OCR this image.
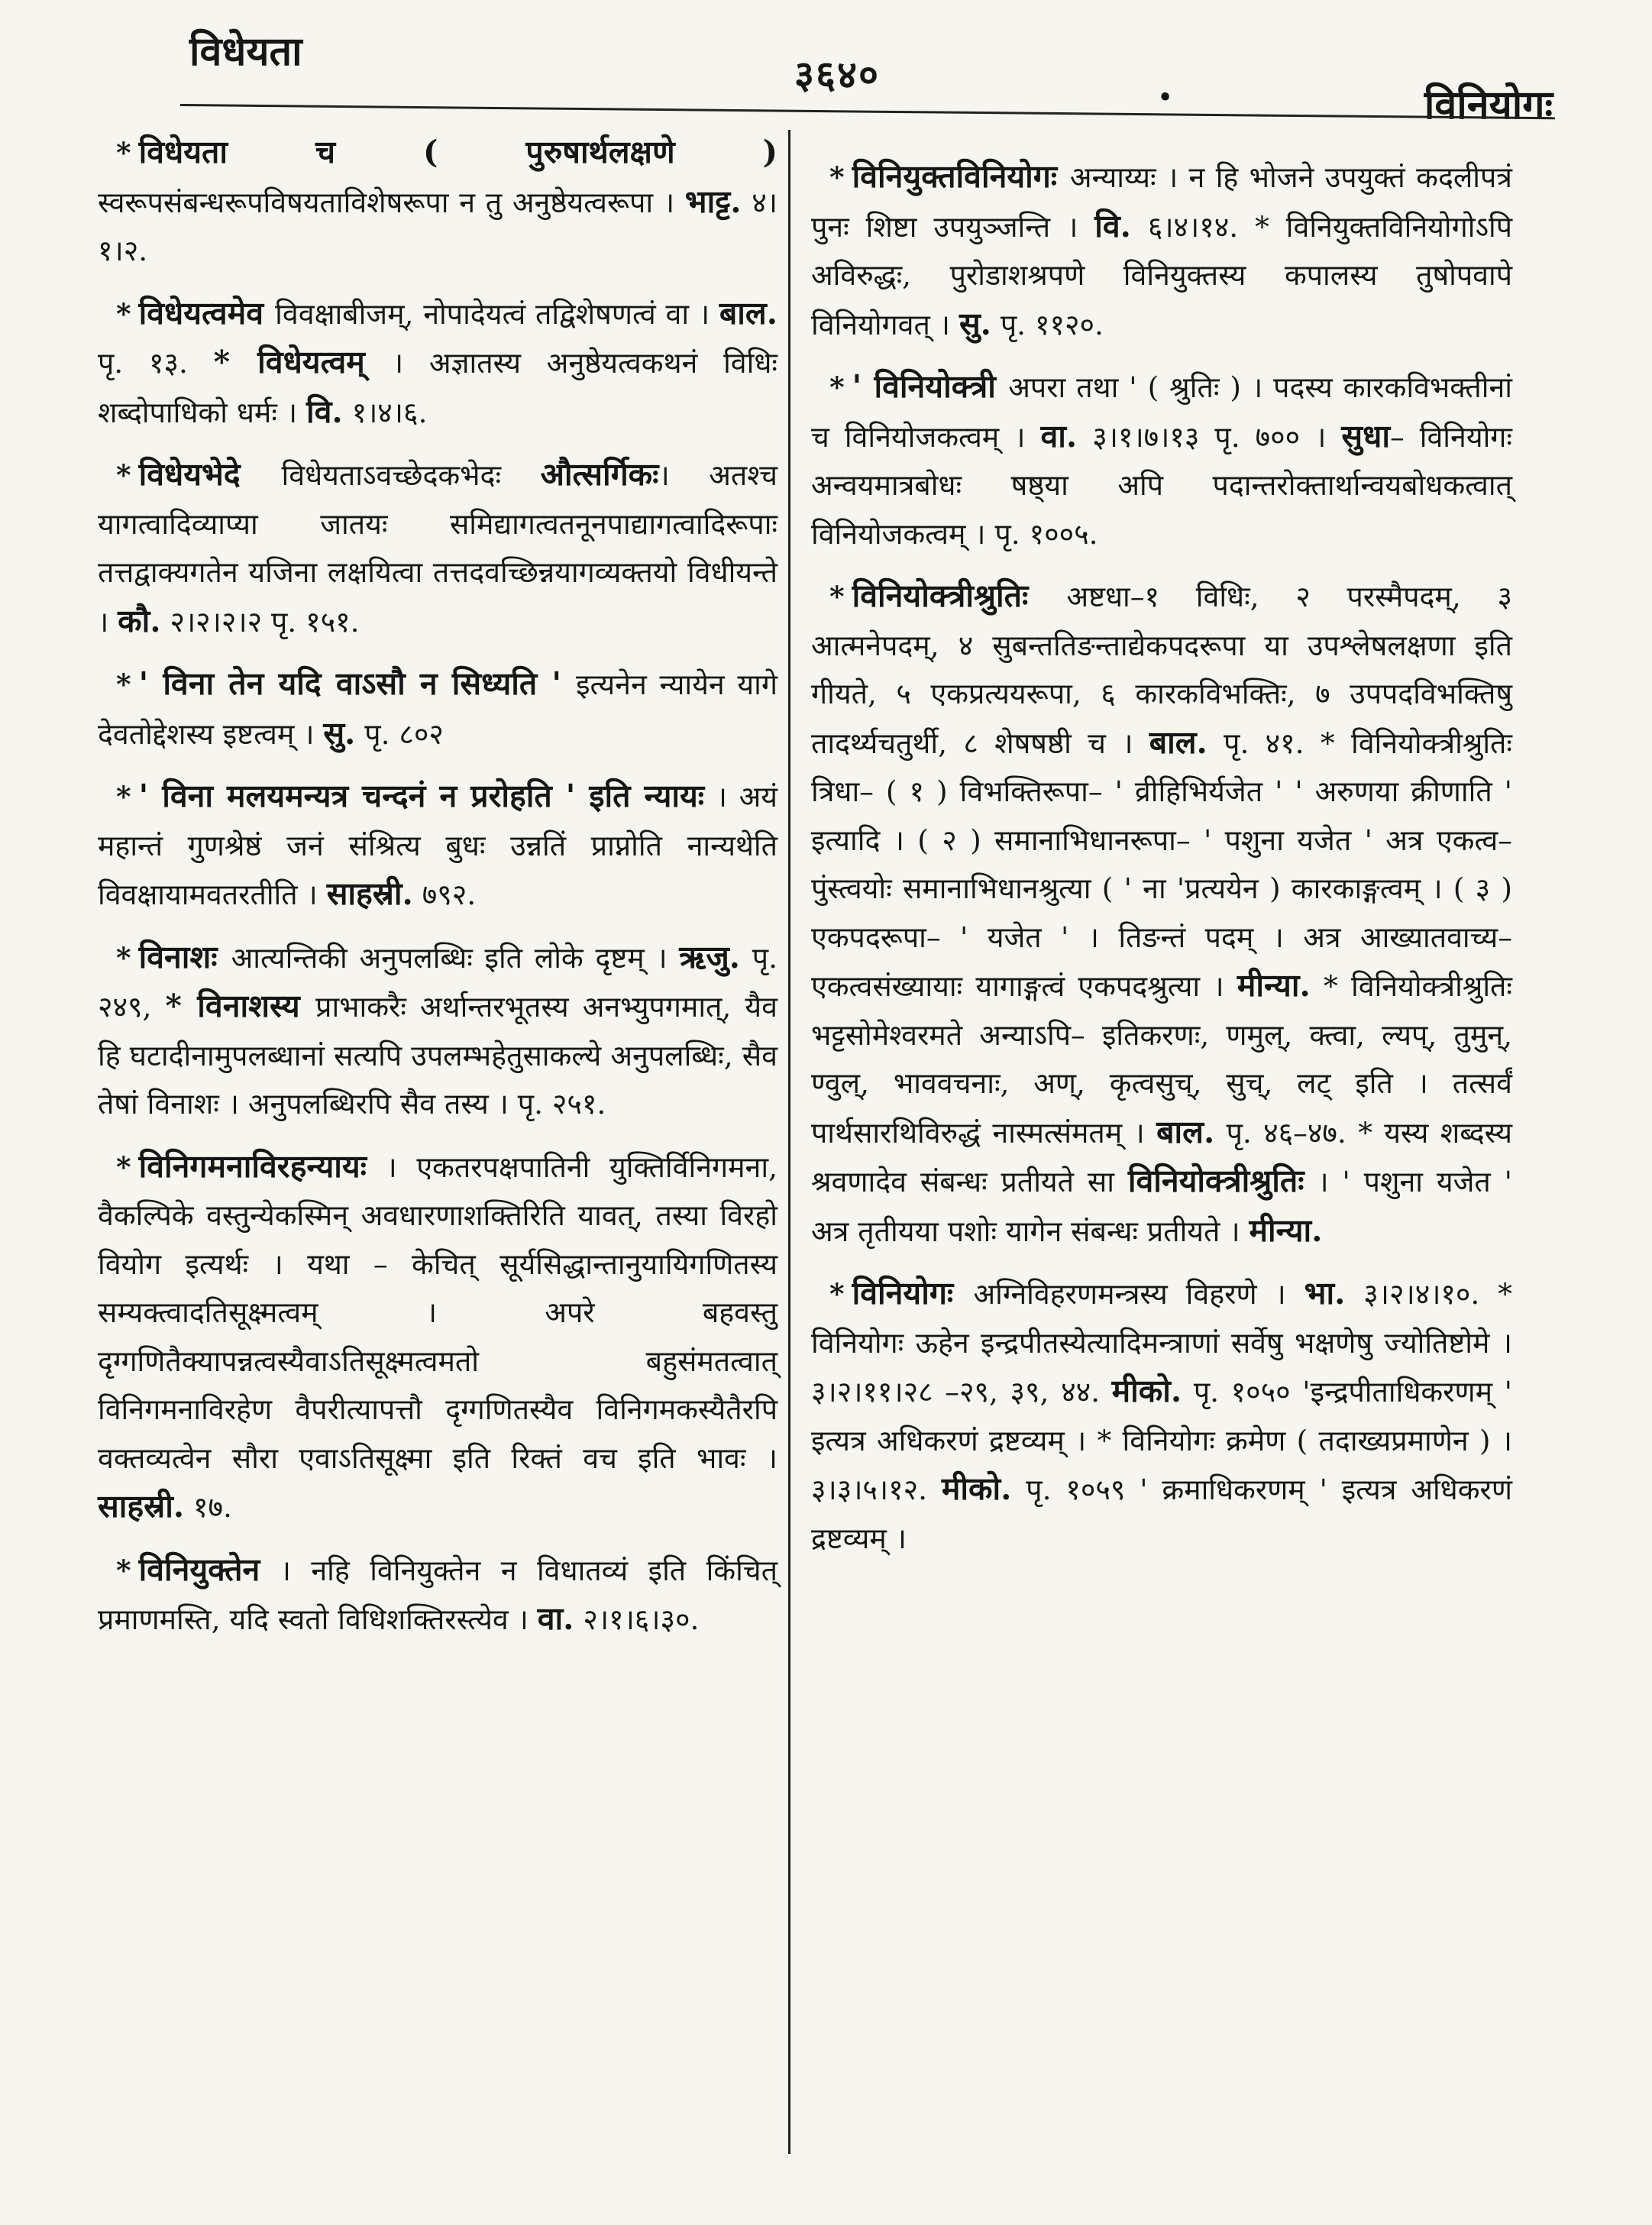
विधेयता	३६४०
•	विनियोगः

* विधेयता च ( पुरुषार्थलक्षणे ) स्वरूपसंबन्धरूपविषयताविशेषरूपा न तु अनुष्ठेयत्वरूपा । भाट्ट. ४।१।२.

* विधेयत्वमेव विवक्षाबीजम्, नोपादेयत्वं तद्विशेषणत्वं वा । बाल. पृ. १३. * विधेयत्वम् । अज्ञातस्य अनुष्ठेयत्वकथनं विधिः शब्दोपाधिको धर्मः । वि. १।४।६.

* विधेयभेदे विधेयताऽवच्छेदकभेदः औत्सर्गिकः। अतश्च यागत्वादिव्याप्या जातयः समिद्यागत्वतनूनपाद्यागत्वादिरूपाः तत्तद्वाक्यगतेन यजिना लक्षयित्वा तत्तदवच्छिन्नयागव्यक्तयो विधीयन्ते । कौ. २।२।२।२ पृ. १५१.

* ' विना तेन यदि वाऽसौ न सिध्यति ' इत्यनेन न्यायेन यागे देवतोद्देशस्य इष्टत्वम् । सु. पृ. ८०२

* ' विना मलयमन्यत्र चन्दनं न प्ररोहति ' इति न्यायः । अयं महान्तं गुणश्रेष्ठं जनं संश्रित्य बुधः उन्नतिं प्राप्नोति नान्यथेति विवक्षायामवतरतीति । साहस्री. ७९२.

* विनाशः आत्यन्तिकी अनुपलब्धिः इति लोके दृष्टम् । ऋजु. पृ. २४९, * विनाशस्य प्राभाकरैः अर्थान्तरभूतस्य अनभ्युपगमात्, यैव हि घटादीनामुपलब्धानां सत्यपि उपलम्भहेतुसाकल्ये अनुपलब्धिः, सैव तेषां विनाशः । अनुपलब्धिरपि सैव तस्य । पृ. २५१.

* विनिगमनाविरहन्यायः । एकतरपक्षपातिनी युक्तिर्विनिगमना, वैकल्पिके वस्तुन्येकस्मिन् अवधारणाशक्तिरिति यावत्, तस्या विरहो वियोग इत्यर्थः । यथा – केचित् सूर्यसिद्धान्तानुयायिगणितस्य सम्यक्त्वादतिसूक्ष्मत्वम् । अपरे बहवस्तु दृग्गणितैक्यापन्नत्वस्यैवाऽतिसूक्ष्मत्वमतो बहुसंमतत्वात् विनिगमनाविरहेण वैपरीत्यापत्तौ दृग्गणितस्यैव विनिगमकस्यैतैरपि वक्तव्यत्वेन सौरा एवाऽतिसूक्ष्मा इति रिक्तं वच इति भावः । साहस्री. १७.

* विनियुक्तेन । नहि विनियुक्तेन न विधातव्यं इति किंचित् प्रमाणमस्ति, यदि स्वतो विधिशक्तिरस्त्येव । वा. २।१।६।३०.

* विनियुक्तविनियोगः अन्याय्यः । न हि भोजने उपयुक्तं कदलीपत्रं पुनः शिष्टा उपयुञ्जन्ति । वि. ६।४।१४. * विनियुक्तविनियोगोऽपि अविरुद्धः, पुरोडाशश्रपणे विनियुक्तस्य कपालस्य तुषोपवापे विनियोगवत् । सु. पृ. ११२०.

* ' विनियोक्त्री अपरा तथा ' ( श्रुतिः ) । पदस्य कारकविभक्तीनां च विनियोजकत्वम् । वा. ३।१।७।१३ पृ. ७०० । सुधा– विनियोगः अन्वयमात्रबोधः षष्ठ्या अपि पदान्तरोक्तार्थान्वयबोधकत्वात् विनियोजकत्वम् । पृ. १००५.

* विनियोक्त्रीश्रुतिः अष्टधा–१ विधिः, २ परस्मैपदम्, ३ आत्मनेपदम्, ४ सुबन्ततिङन्ताद्येकपदरूपा या उपश्लेषलक्षणा इति गीयते, ५ एकप्रत्ययरूपा, ६ कारकविभक्तिः, ७ उपपदविभक्तिषु तादर्थ्यचतुर्थी, ८ शेषषष्ठी च । बाल. पृ. ४१. * विनियोक्त्रीश्रुतिः त्रिधा– ( १ ) विभक्तिरूपा– ' व्रीहिभिर्यजेत ' ' अरुणया क्रीणाति ' इत्यादि । ( २ ) समानाभिधानरूपा– ' पशुना यजेत ' अत्र एकत्व–पुंस्त्वयोः समानाभिधानश्रुत्या ( ' ना 'प्रत्ययेन ) कारकाङ्गत्वम् । ( ३ ) एकपदरूपा– ' यजेत ' । तिङन्तं पदम् । अत्र आख्यातवाच्य–एकत्वसंख्यायाः यागाङ्गत्वं एकपदश्रुत्या । मीन्या. * विनियोक्त्रीश्रुतिः भट्टसोमेश्वरमते अन्याऽपि– इतिकरणः, णमुल्, क्त्वा, ल्यप्, तुमुन्, ण्वुल्, भाववचनाः, अण्, कृत्वसुच्, सुच्, लट् इति । तत्सर्वं पार्थसारथिविरुद्धं नास्मत्संमतम् । बाल. पृ. ४६–४७. * यस्य शब्दस्य श्रवणादेव संबन्धः प्रतीयते सा विनियोक्त्रीश्रुतिः । ' पशुना यजेत ' अत्र तृतीयया पशोः यागेन संबन्धः प्रतीयते । मीन्या.

* विनियोगः अग्निविहरणमन्त्रस्य विहरणे । भा. ३।२।४।१०. * विनियोगः ऊहेन इन्द्रपीतस्येत्यादिमन्त्राणां सर्वेषु भक्षणेषु ज्योतिष्टोमे । ३।२।११।२८ –२९, ३९, ४४. मीको. पृ. १०५० 'इन्द्रपीताधिकरणम् ' इत्यत्र अधिकरणं द्रष्टव्यम् । * विनियोगः क्रमेण ( तदाख्यप्रमाणेन ) । ३।३।५।१२. मीको. पृ. १०५९ ' क्रमाधिकरणम् ' इत्यत्र अधिकरणं द्रष्टव्यम् ।
